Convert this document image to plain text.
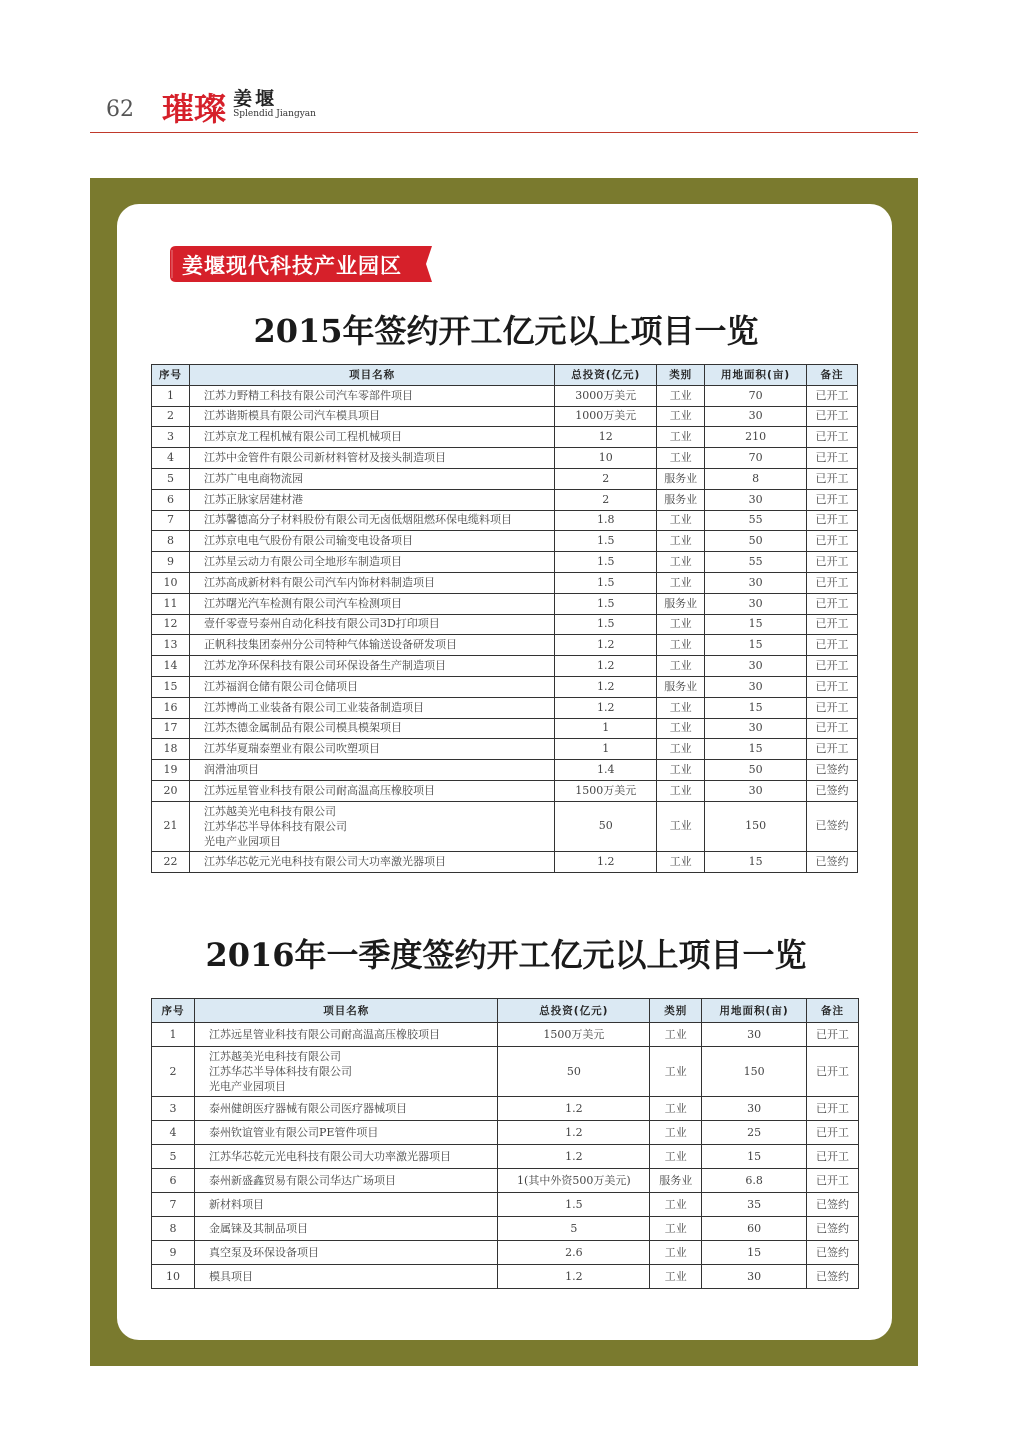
62 璀璨 姜堰
Splendid Jiangyan
姜堰现代科技产业园区
2015年签约开工亿元以上项目一览
序号	项目名称	总投资(亿元)	类别	用地面积(亩)	备注
1	江苏力野精工科技有限公司汽车零部件项目	3000万美元	工业	70	已开工
2	江苏谐斯模具有限公司汽车模具项目	1000万美元	工业	30	已开工
3	江苏京龙工程机械有限公司工程机械项目	12	工业	210	已开工
4	江苏中金管件有限公司新材料管材及接头制造项目	10	工业	70	已开工
5	江苏广电电商物流园	2	服务业	8	已开工
6	江苏正脉家居建材港	2	服务业	30	已开工
7	江苏馨德高分子材料股份有限公司无卤低烟阻燃环保电缆料项目	1.8	工业	55	已开工
8	江苏京电电气股份有限公司输变电设备项目	1.5	工业	50	已开工
9	江苏星云动力有限公司全地形车制造项目	1.5	工业	55	已开工
10	江苏高成新材料有限公司汽车内饰材料制造项目	1.5	工业	30	已开工
11	江苏曙光汽车检测有限公司汽车检测项目	1.5	服务业	30	已开工
12	壹仟零壹号泰州自动化科技有限公司3D打印项目	1.5	工业	15	已开工
13	正帆科技集团泰州分公司特种气体输送设备研发项目	1.2	工业	15	已开工
14	江苏龙净环保科技有限公司环保设备生产制造项目	1.2	工业	30	已开工
15	江苏福润仓储有限公司仓储项目	1.2	服务业	30	已开工
16	江苏博尚工业装备有限公司工业装备制造项目	1.2	工业	15	已开工
17	江苏杰德金属制品有限公司模具模架项目	1	工业	30	已开工
18	江苏华夏瑞泰塑业有限公司吹塑项目	1	工业	15	已开工
19	润滑油项目	1.4	工业	50	已签约
20	江苏远星管业科技有限公司耐高温高压橡胶项目	1500万美元	工业	30	已签约
21	江苏越美光电科技有限公司
江苏华芯半导体科技有限公司
光电产业园项目	50	工业	150	已签约
22	江苏华芯乾元光电科技有限公司大功率激光器项目	1.2	工业	15	已签约
2016年一季度签约开工亿元以上项目一览
序号	项目名称	总投资(亿元)	类别	用地面积(亩)	备注
1	江苏远星管业科技有限公司耐高温高压橡胶项目	1500万美元	工业	30	已开工
2	江苏越美光电科技有限公司
江苏华芯半导体科技有限公司
光电产业园项目	50	工业	150	已开工
3	泰州健朗医疗器械有限公司医疗器械项目	1.2	工业	30	已开工
4	泰州钦谊管业有限公司PE管件项目	1.2	工业	25	已开工
5	江苏华芯乾元光电科技有限公司大功率激光器项目	1.2	工业	15	已开工
6	泰州新盛鑫贸易有限公司华达广场项目	1(其中外资500万美元)	服务业	6.8	已开工
7	新材料项目	1.5	工业	35	已签约
8	金属铼及其制品项目	5	工业	60	已签约
9	真空泵及环保设备项目	2.6	工业	15	已签约
10	模具项目	1.2	工业	30	已签约
